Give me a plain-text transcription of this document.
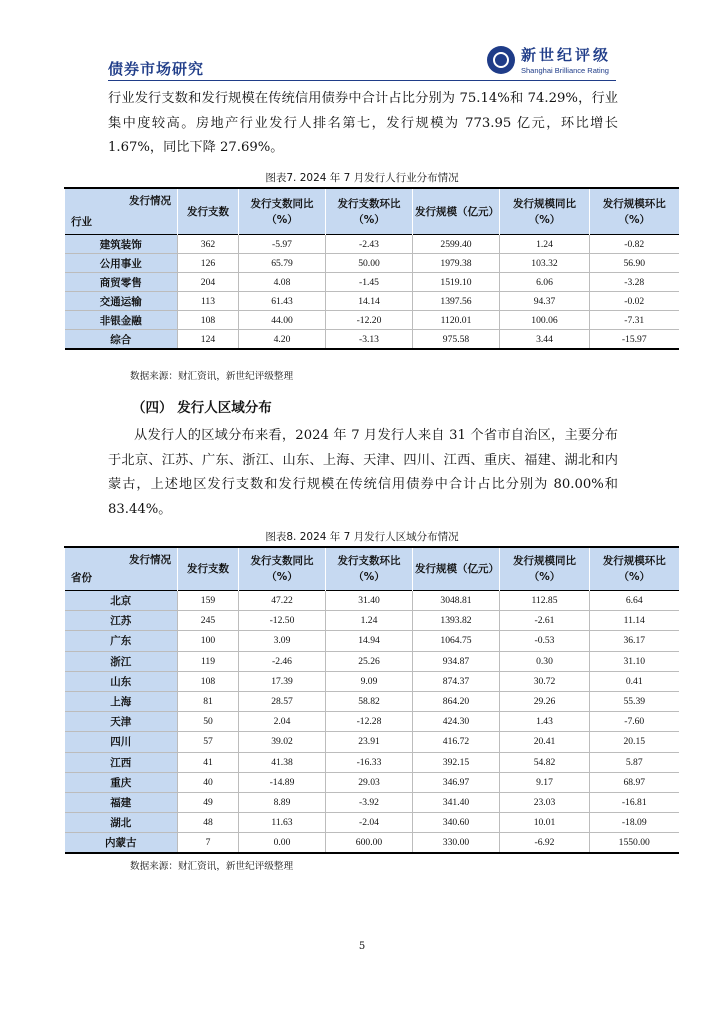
债券市场研究
新世纪评级
Shanghai Brilliance Rating
行业发行支数和发行规模在传统信用债券中合计占比分别为 75.14%和 74.29%，行业集中度较高。房地产行业发行人排名第七，发行规模为 773.95 亿元，环比增长 1.67%，同比下降 27.69%。
图表7. 2024 年 7 月发行人行业分布情况
发行情况
行业	发行支数	发行支数同比（%）	发行支数环比（%）	发行规模（亿元）	发行规模同比（%）	发行规模环比（%）
建筑装饰	362	-5.97	-2.43	2599.40	1.24	-0.82
公用事业	126	65.79	50.00	1979.38	103.32	56.90
商贸零售	204	4.08	-1.45	1519.10	6.06	-3.28
交通运输	113	61.43	14.14	1397.56	94.37	-0.02
非银金融	108	44.00	-12.20	1120.01	100.06	-7.31
综合	124	4.20	-3.13	975.58	3.44	-15.97
数据来源：财汇资讯，新世纪评级整理
（四） 发行人区域分布
从发行人的区域分布来看，2024 年 7 月发行人来自 31 个省市自治区，主要分布于北京、江苏、广东、浙江、山东、上海、天津、四川、江西、重庆、福建、湖北和内蒙古，上述地区发行支数和发行规模在传统信用债券中合计占比分别为 80.00%和 83.44%。
图表8. 2024 年 7 月发行人区域分布情况
发行情况
省份	发行支数	发行支数同比（%）	发行支数环比（%）	发行规模（亿元）	发行规模同比（%）	发行规模环比（%）
北京	159	47.22	31.40	3048.81	112.85	6.64
江苏	245	-12.50	1.24	1393.82	-2.61	11.14
广东	100	3.09	14.94	1064.75	-0.53	36.17
浙江	119	-2.46	25.26	934.87	0.30	31.10
山东	108	17.39	9.09	874.37	30.72	0.41
上海	81	28.57	58.82	864.20	29.26	55.39
天津	50	2.04	-12.28	424.30	1.43	-7.60
四川	57	39.02	23.91	416.72	20.41	20.15
江西	41	41.38	-16.33	392.15	54.82	5.87
重庆	40	-14.89	29.03	346.97	9.17	68.97
福建	49	8.89	-3.92	341.40	23.03	-16.81
湖北	48	11.63	-2.04	340.60	10.01	-18.09
内蒙古	7	0.00	600.00	330.00	-6.92	1550.00
数据来源：财汇资讯，新世纪评级整理
5
